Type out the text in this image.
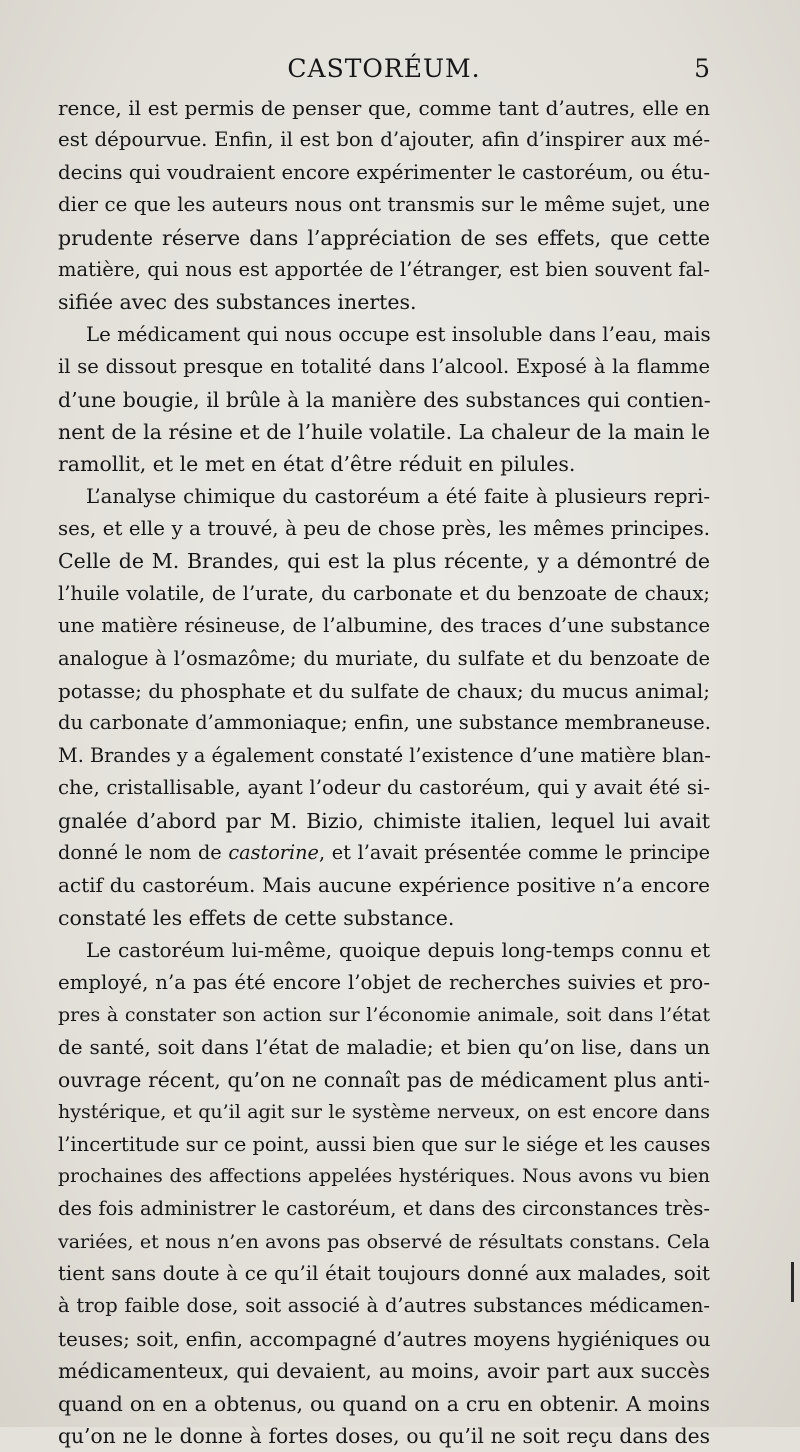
CASTORÉUM.	5
rence, il est permis de penser que, comme tant d’autres, elle en
est dépourvue. Enfin, il est bon d’ajouter, afin d’inspirer aux mé-
decins qui voudraient encore expérimenter le castoréum, ou étu-
dier ce que les auteurs nous ont transmis sur le même sujet, une
prudente réserve dans l’appréciation de ses effets, que cette
matière, qui nous est apportée de l’étranger, est bien souvent fal-
sifiée avec des substances inertes.
Le médicament qui nous occupe est insoluble dans l’eau, mais
il se dissout presque en totalité dans l’alcool. Exposé à la flamme
d’une bougie, il brûle à la manière des substances qui contien-
nent de la résine et de l’huile volatile. La chaleur de la main le
ramollit, et le met en état d’être réduit en pilules.
L’analyse chimique du castoréum a été faite à plusieurs repri-
ses, et elle y a trouvé, à peu de chose près, les mêmes principes.
Celle de M. Brandes, qui est la plus récente, y a démontré de
l’huile volatile, de l’urate, du carbonate et du benzoate de chaux;
une matière résineuse, de l’albumine, des traces d’une substance
analogue à l’osmazôme; du muriate, du sulfate et du benzoate de
potasse; du phosphate et du sulfate de chaux; du mucus animal;
du carbonate d’ammoniaque; enfin, une substance membraneuse.
M. Brandes y a également constaté l’existence d’une matière blan-
che, cristallisable, ayant l’odeur du castoréum, qui y avait été si-
gnalée d’abord par M. Bizio, chimiste italien, lequel lui avait
donné le nom de castorine, et l’avait présentée comme le principe
actif du castoréum. Mais aucune expérience positive n’a encore
constaté les effets de cette substance.
Le castoréum lui-même, quoique depuis long-temps connu et
employé, n’a pas été encore l’objet de recherches suivies et pro-
pres à constater son action sur l’économie animale, soit dans l’état
de santé, soit dans l’état de maladie; et bien qu’on lise, dans un
ouvrage récent, qu’on ne connaît pas de médicament plus anti-
hystérique, et qu’il agit sur le système nerveux, on est encore dans
l’incertitude sur ce point, aussi bien que sur le siége et les causes
prochaines des affections appelées hystériques. Nous avons vu bien
des fois administrer le castoréum, et dans des circonstances très-
variées, et nous n’en avons pas observé de résultats constans. Cela
tient sans doute à ce qu’il était toujours donné aux malades, soit
à trop faible dose, soit associé à d’autres substances médicamen-
teuses; soit, enfin, accompagné d’autres moyens hygiéniques ou
médicamenteux, qui devaient, au moins, avoir part aux succès
quand on en a obtenus, ou quand on a cru en obtenir. A moins
qu’on ne le donne à fortes doses, ou qu’il ne soit reçu dans des
